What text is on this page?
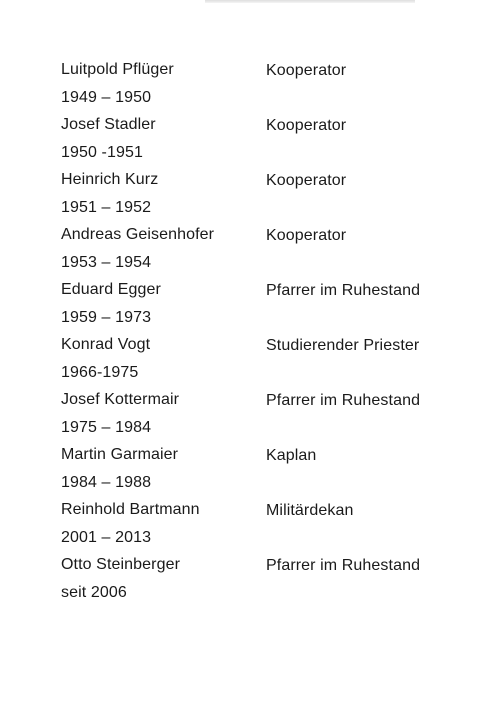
Luitpold Pflüger
1949 – 1950
Kooperator
Josef Stadler
1950 -1951
Kooperator
Heinrich Kurz
1951 – 1952
Kooperator
Andreas Geisenhofer
1953 – 1954
Kooperator
Eduard Egger
1959 – 1973
Pfarrer im Ruhestand
Konrad Vogt
1966-1975
Studierender Priester
Josef Kottermair
1975 – 1984
Pfarrer im Ruhestand
Martin Garmaier
1984 – 1988
Kaplan
Reinhold Bartmann
2001 – 2013
Militärdekan
Otto Steinberger
seit 2006
Pfarrer im Ruhestand
